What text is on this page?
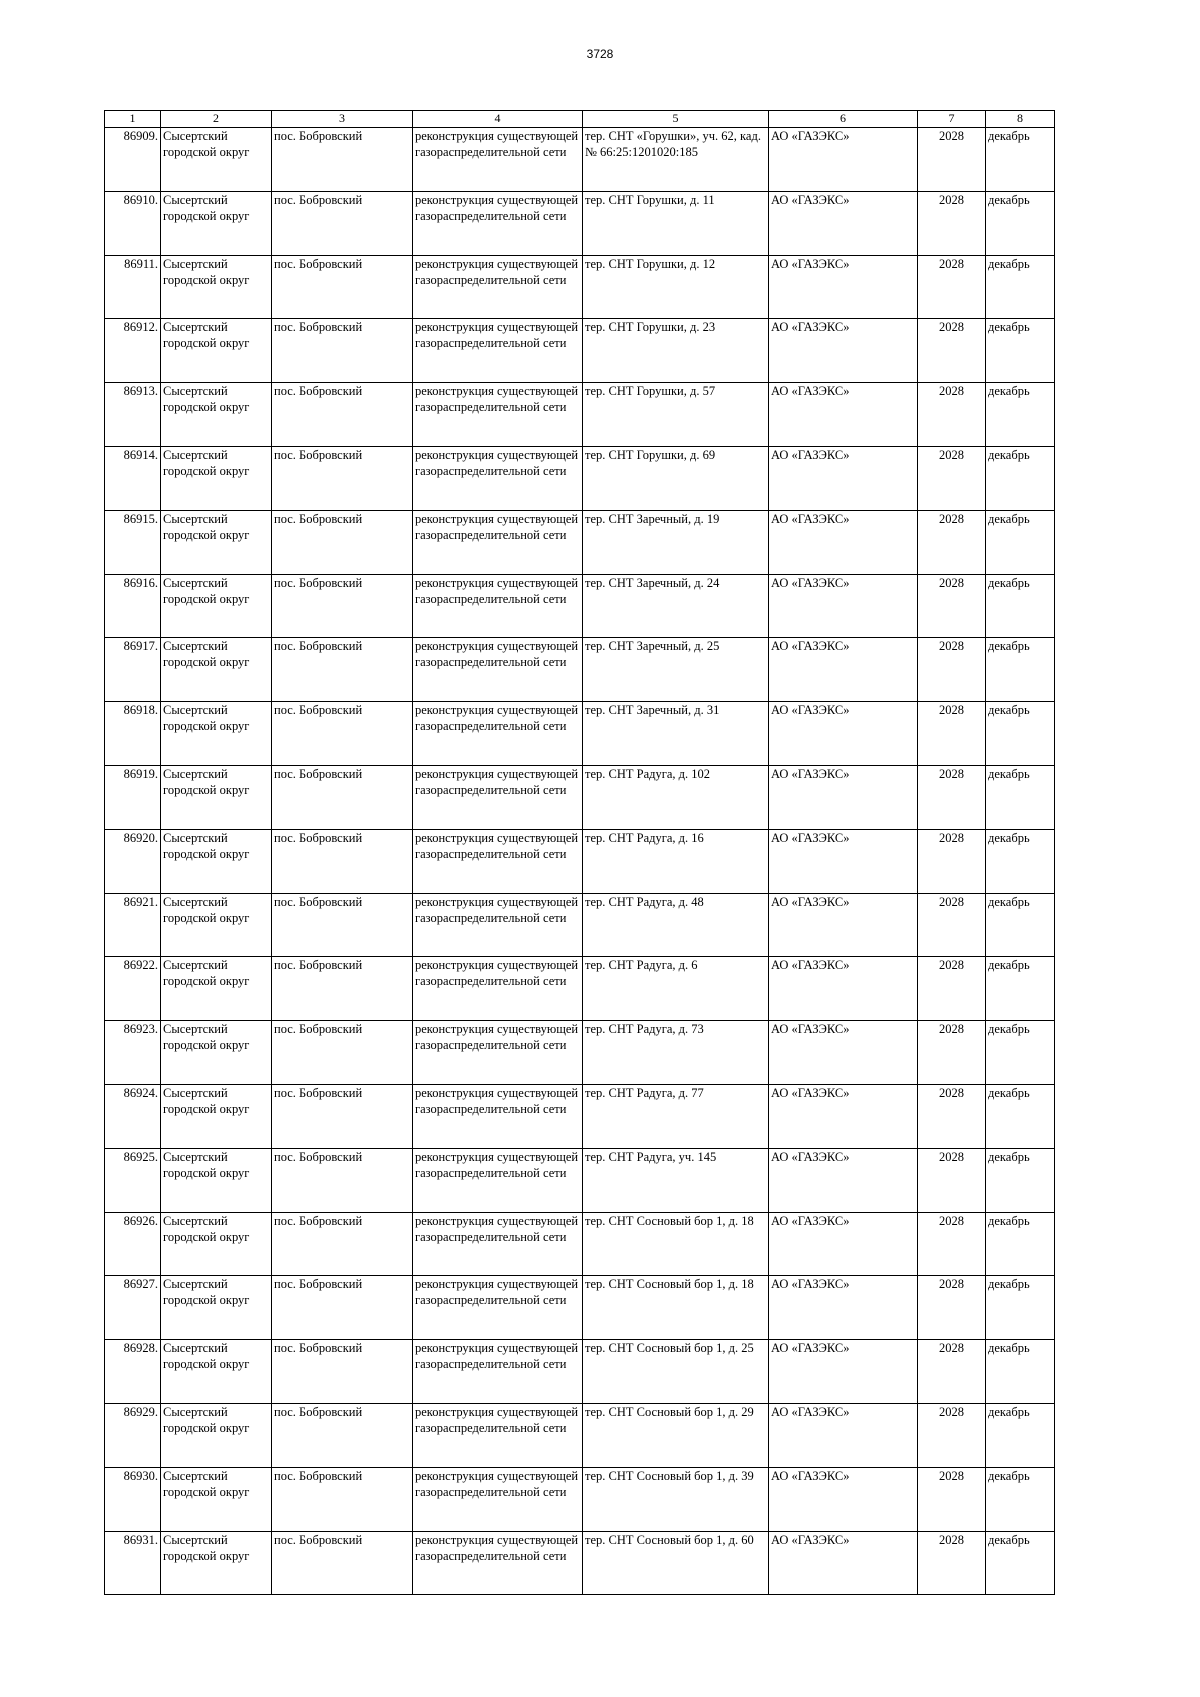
3728
1	2	3	4	5	6	7	8
86909.	Сысертский городской округ	пос. Бобровский	реконструкция существующей газораспределительной сети	тер. СНТ «Горушки», уч. 62, кад. № 66:25:1201020:185	АО «ГАЗЭКС»	2028	декабрь
86910.	Сысертский городской округ	пос. Бобровский	реконструкция существующей газораспределительной сети	тер. СНТ Горушки, д. 11	АО «ГАЗЭКС»	2028	декабрь
86911.	Сысертский городской округ	пос. Бобровский	реконструкция существующей газораспределительной сети	тер. СНТ Горушки, д. 12	АО «ГАЗЭКС»	2028	декабрь
86912.	Сысертский городской округ	пос. Бобровский	реконструкция существующей газораспределительной сети	тер. СНТ Горушки, д. 23	АО «ГАЗЭКС»	2028	декабрь
86913.	Сысертский городской округ	пос. Бобровский	реконструкция существующей газораспределительной сети	тер. СНТ Горушки, д. 57	АО «ГАЗЭКС»	2028	декабрь
86914.	Сысертский городской округ	пос. Бобровский	реконструкция существующей газораспределительной сети	тер. СНТ Горушки, д. 69	АО «ГАЗЭКС»	2028	декабрь
86915.	Сысертский городской округ	пос. Бобровский	реконструкция существующей газораспределительной сети	тер. СНТ Заречный, д. 19	АО «ГАЗЭКС»	2028	декабрь
86916.	Сысертский городской округ	пос. Бобровский	реконструкция существующей газораспределительной сети	тер. СНТ Заречный, д. 24	АО «ГАЗЭКС»	2028	декабрь
86917.	Сысертский городской округ	пос. Бобровский	реконструкция существующей газораспределительной сети	тер. СНТ Заречный, д. 25	АО «ГАЗЭКС»	2028	декабрь
86918.	Сысертский городской округ	пос. Бобровский	реконструкция существующей газораспределительной сети	тер. СНТ Заречный, д. 31	АО «ГАЗЭКС»	2028	декабрь
86919.	Сысертский городской округ	пос. Бобровский	реконструкция существующей газораспределительной сети	тер. СНТ Радуга, д. 102	АО «ГАЗЭКС»	2028	декабрь
86920.	Сысертский городской округ	пос. Бобровский	реконструкция существующей газораспределительной сети	тер. СНТ Радуга, д. 16	АО «ГАЗЭКС»	2028	декабрь
86921.	Сысертский городской округ	пос. Бобровский	реконструкция существующей газораспределительной сети	тер. СНТ Радуга, д. 48	АО «ГАЗЭКС»	2028	декабрь
86922.	Сысертский городской округ	пос. Бобровский	реконструкция существующей газораспределительной сети	тер. СНТ Радуга, д. 6	АО «ГАЗЭКС»	2028	декабрь
86923.	Сысертский городской округ	пос. Бобровский	реконструкция существующей газораспределительной сети	тер. СНТ Радуга, д. 73	АО «ГАЗЭКС»	2028	декабрь
86924.	Сысертский городской округ	пос. Бобровский	реконструкция существующей газораспределительной сети	тер. СНТ Радуга, д. 77	АО «ГАЗЭКС»	2028	декабрь
86925.	Сысертский городской округ	пос. Бобровский	реконструкция существующей газораспределительной сети	тер. СНТ Радуга, уч. 145	АО «ГАЗЭКС»	2028	декабрь
86926.	Сысертский городской округ	пос. Бобровский	реконструкция существующей газораспределительной сети	тер. СНТ Сосновый бор 1, д. 18	АО «ГАЗЭКС»	2028	декабрь
86927.	Сысертский городской округ	пос. Бобровский	реконструкция существующей газораспределительной сети	тер. СНТ Сосновый бор 1, д. 18	АО «ГАЗЭКС»	2028	декабрь
86928.	Сысертский городской округ	пос. Бобровский	реконструкция существующей газораспределительной сети	тер. СНТ Сосновый бор 1, д. 25	АО «ГАЗЭКС»	2028	декабрь
86929.	Сысертский городской округ	пос. Бобровский	реконструкция существующей газораспределительной сети	тер. СНТ Сосновый бор 1, д. 29	АО «ГАЗЭКС»	2028	декабрь
86930.	Сысертский городской округ	пос. Бобровский	реконструкция существующей газораспределительной сети	тер. СНТ Сосновый бор 1, д. 39	АО «ГАЗЭКС»	2028	декабрь
86931.	Сысертский городской округ	пос. Бобровский	реконструкция существующей газораспределительной сети	тер. СНТ Сосновый бор 1, д. 60	АО «ГАЗЭКС»	2028	декабрь
